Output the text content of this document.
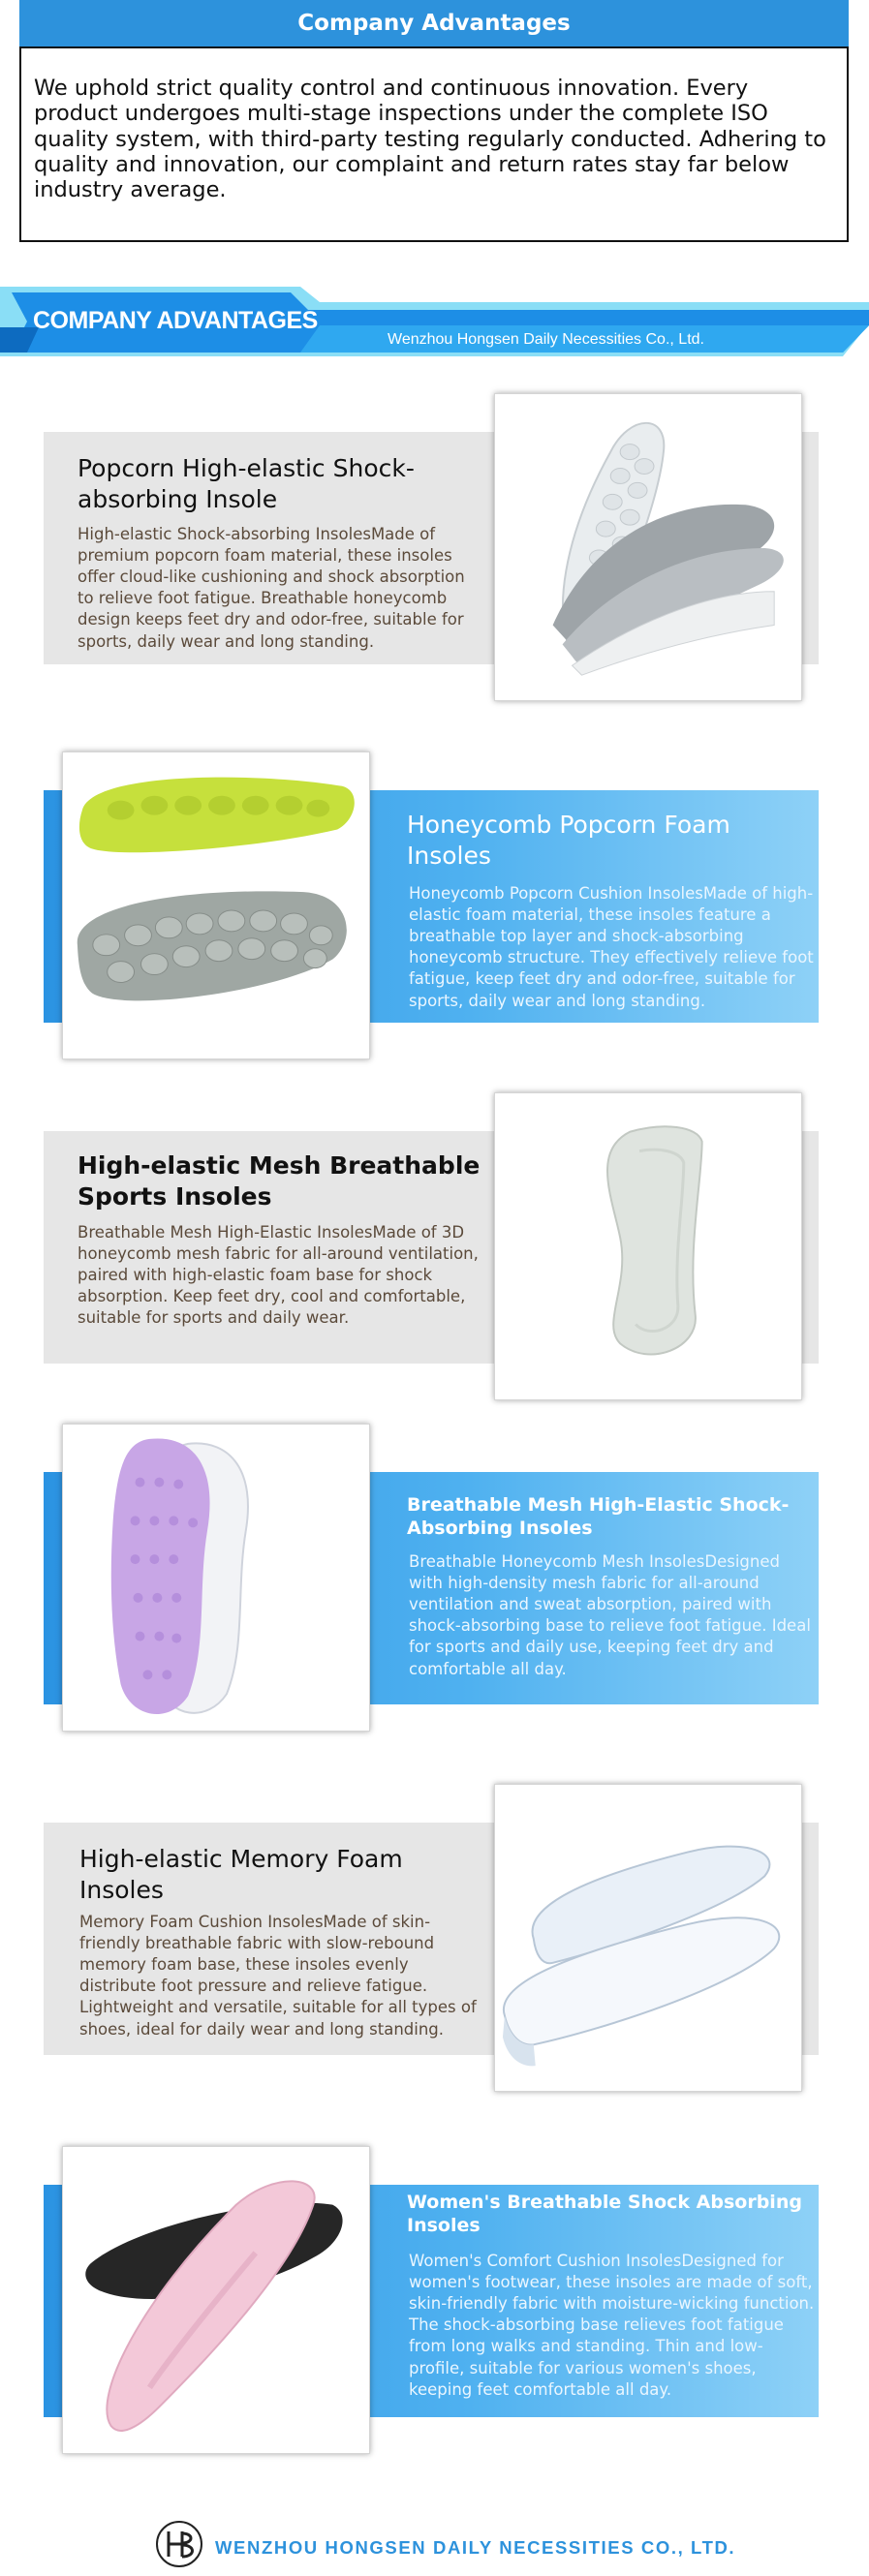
Company Advantages

We uphold strict quality control and continuous innovation. Every product undergoes multi-stage inspections under the complete ISO quality system, with third-party testing regularly conducted. Adhering to quality and innovation, our complaint and return rates stay far below industry average.

COMPANY ADVANTAGES
Wenzhou Hongsen Daily Necessities Co., Ltd.
Popcorn High-elastic Shock-absorbing Insole
High-elastic Shock-absorbing InsolesMade of premium popcorn foam material, these insoles offer cloud-like cushioning and shock absorption to relieve foot fatigue. Breathable honeycomb design keeps feet dry and odor-free, suitable for sports, daily wear and long standing.
Honeycomb Popcorn Foam Insoles
Honeycomb Popcorn Cushion InsolesMade of high-elastic foam material, these insoles feature a breathable top layer and shock-absorbing honeycomb structure. They effectively relieve foot fatigue, keep feet dry and odor-free, suitable for sports, daily wear and long standing.
High-elastic Mesh Breathable Sports Insoles
Breathable Mesh High-Elastic InsolesMade of 3D honeycomb mesh fabric for all-around ventilation, paired with high-elastic foam base for shock absorption. Keep feet dry, cool and comfortable, suitable for sports and daily wear.
Breathable Mesh High-Elastic Shock-Absorbing Insoles
Breathable Honeycomb Mesh InsolesDesigned with high-density mesh fabric for all-around ventilation and sweat absorption, paired with shock-absorbing base to relieve foot fatigue. Ideal for sports and daily use, keeping feet dry and comfortable all day.
High-elastic Memory Foam Insoles
Memory Foam Cushion InsolesMade of skin-friendly breathable fabric with slow-rebound memory foam base, these insoles evenly distribute foot pressure and relieve fatigue. Lightweight and versatile, suitable for all types of shoes, ideal for daily wear and long standing.
Women's Breathable Shock Absorbing Insoles
Women's Comfort Cushion InsolesDesigned for women's footwear, these insoles are made of soft, skin-friendly fabric with moisture-wicking function. The shock-absorbing base relieves foot fatigue from long walks and standing. Thin and low-profile, suitable for various women's shoes, keeping feet comfortable all day.
WENZHOU HONGSEN DAILY NECESSITIES CO., LTD.
